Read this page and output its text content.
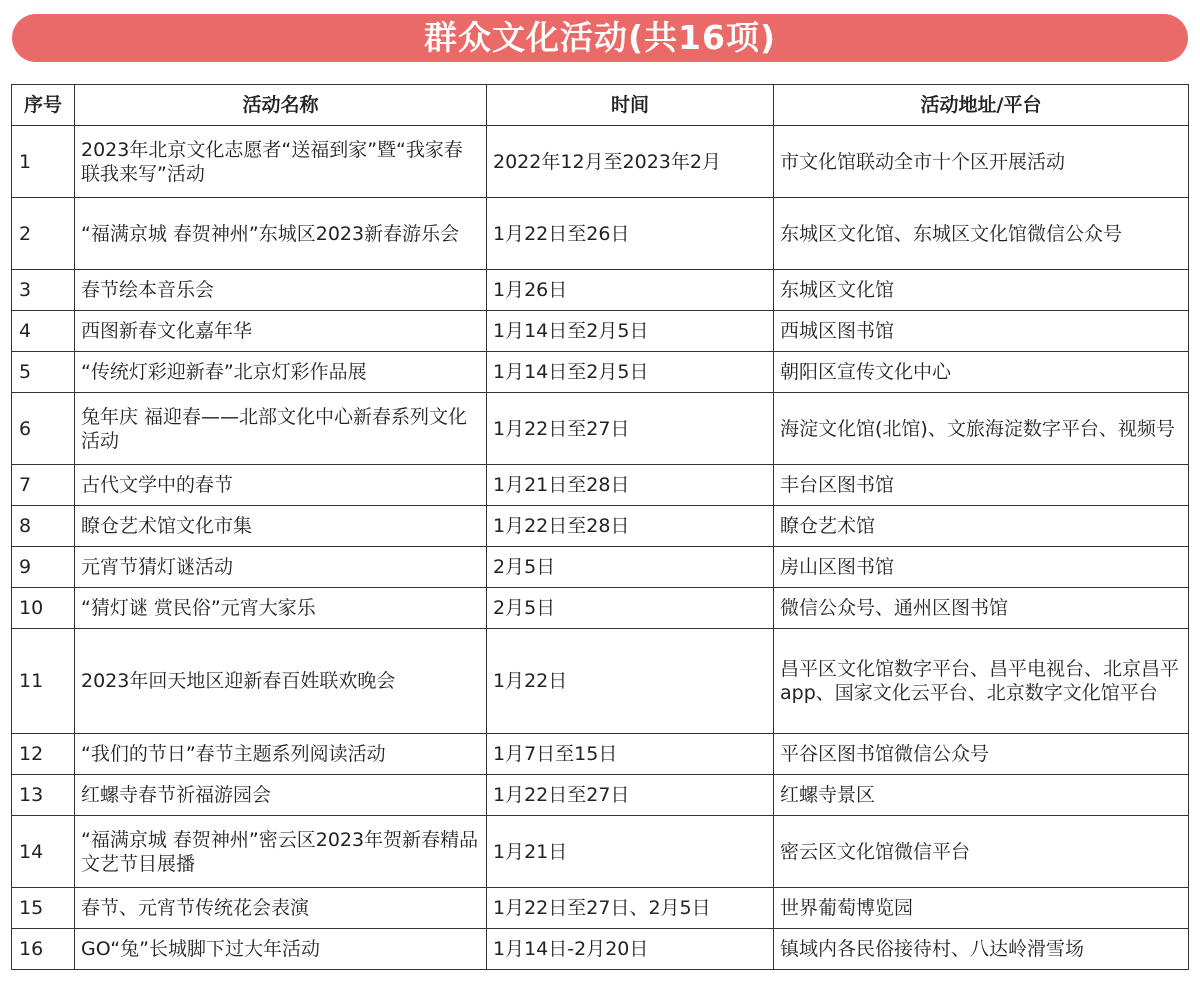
群众文化活动(共16项)
序号	活动名称	时间	活动地址/平台
1	2023年北京文化志愿者“送福到家”暨“我家春联我来写”活动	2022年12月至2023年2月	市文化馆联动全市十个区开展活动
2	“福满京城 春贺神州”东城区2023新春游乐会	1月22日至26日	东城区文化馆、东城区文化馆微信公众号
3	春节绘本音乐会	1月26日	东城区文化馆
4	西图新春文化嘉年华	1月14日至2月5日	西城区图书馆
5	“传统灯彩迎新春”北京灯彩作品展	1月14日至2月5日	朝阳区宣传文化中心
6	兔年庆 福迎春——北部文化中心新春系列文化活动	1月22日至27日	海淀文化馆(北馆)、文旅海淀数字平台、视频号
7	古代文学中的春节	1月21日至28日	丰台区图书馆
8	瞭仓艺术馆文化市集	1月22日至28日	瞭仓艺术馆
9	元宵节猜灯谜活动	2月5日	房山区图书馆
10	“猜灯谜 赏民俗”元宵大家乐	2月5日	微信公众号、通州区图书馆
11	2023年回天地区迎新春百姓联欢晚会	1月22日	昌平区文化馆数字平台、昌平电视台、北京昌平app、国家文化云平台、北京数字文化馆平台
12	“我们的节日”春节主题系列阅读活动	1月7日至15日	平谷区图书馆微信公众号
13	红螺寺春节祈福游园会	1月22日至27日	红螺寺景区
14	“福满京城 春贺神州”密云区2023年贺新春精品文艺节目展播	1月21日	密云区文化馆微信平台
15	春节、元宵节传统花会表演	1月22日至27日、2月5日	世界葡萄博览园
16	GO“兔”长城脚下过大年活动	1月14日-2月20日	镇域内各民俗接待村、八达岭滑雪场
